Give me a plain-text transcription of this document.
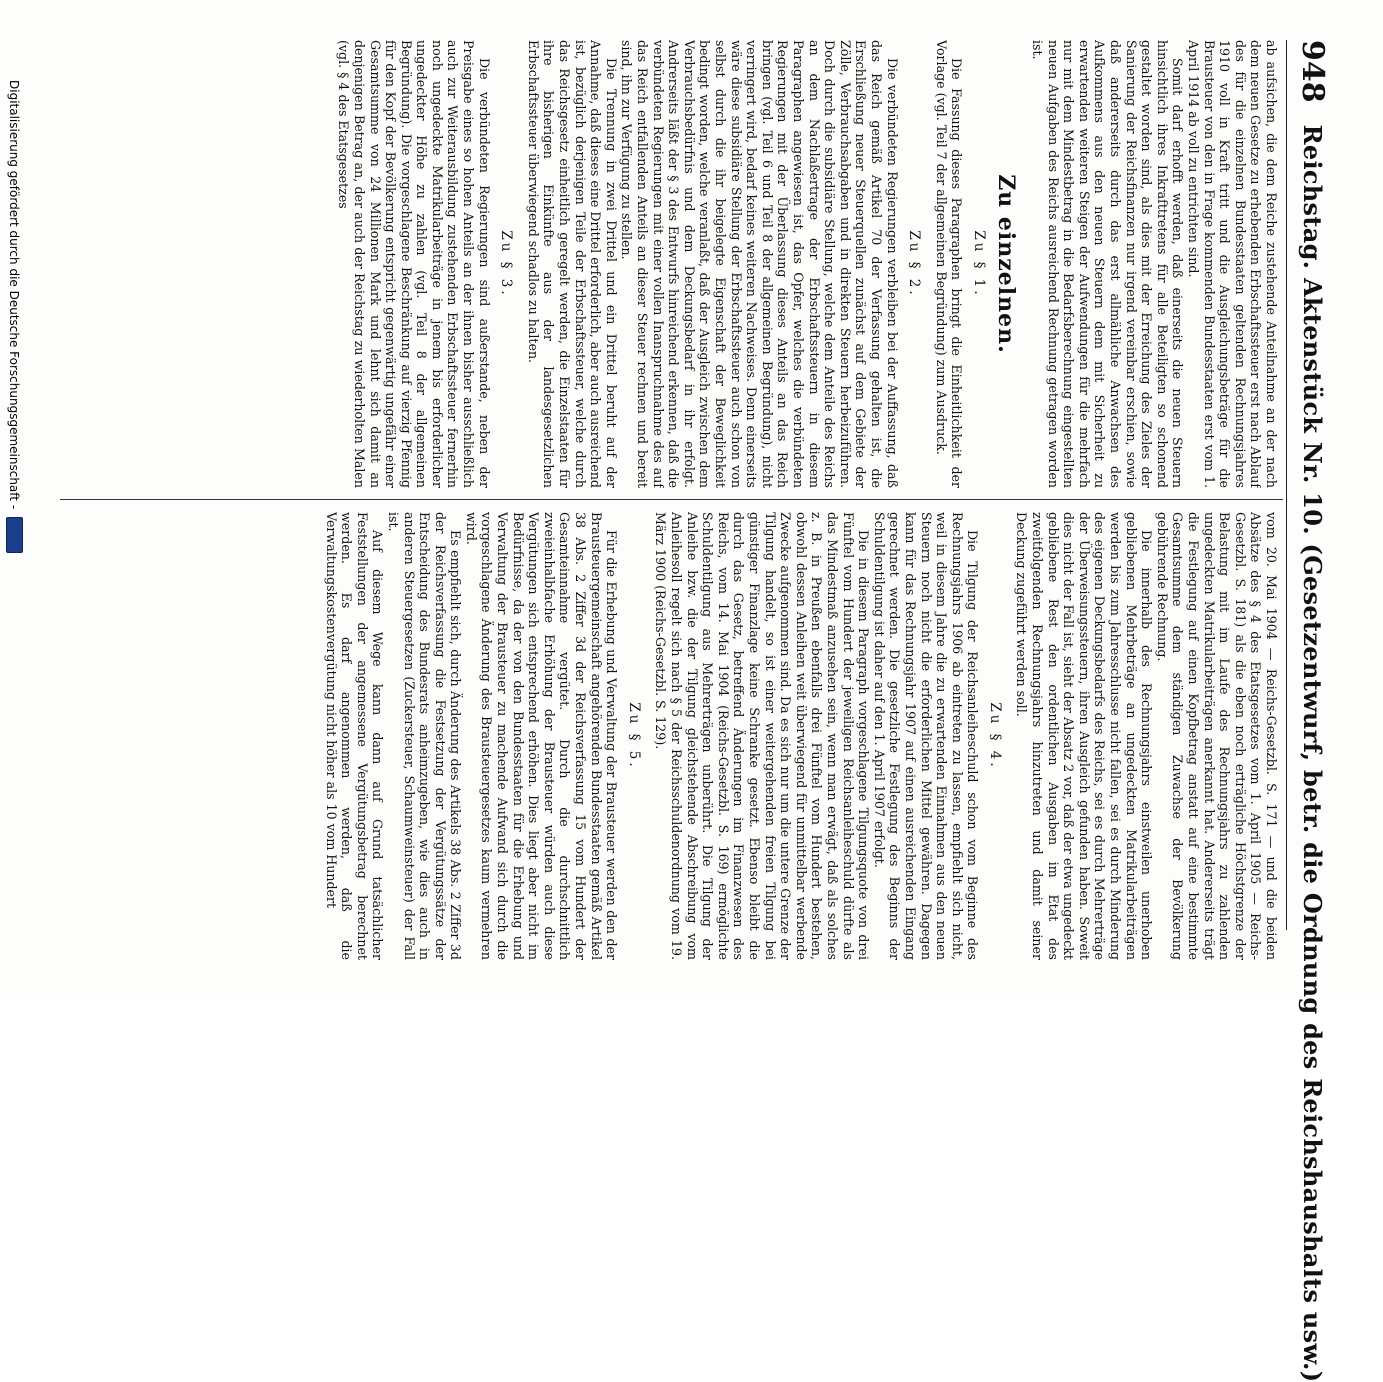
948
Reichstag. Aktenstück Nr. 10. (Gesetzentwurf, betr. die Ordnung des Reichshaushalts usw.)

ab aufsichen, die dem Reiche zustehende Anteilnahme an der nach dem neuen Gesetze zu erhebenden Erbschaftssteuer erst nach Ablauf des für die einzelnen Bundesstaaten geltenden Rechnungsjahres 1910 voll in Kraft tritt und die Ausgleichungsbeträge für die Brausteuer von den in Frage kommenden Bundesstaaten erst vom 1. April 1914 ab voll zu entrichten sind.

Somit darf erhofft werden, daß einerseits die neuen Steuern hinsichtlich ihres Inkrafttretens für alle Beteiligten so schonend gestaltet worden sind, als dies mit der Erreichung des Zieles der Sanierung der Reichsfinanzen nur irgend vereinbar erschien, sowie daß andererseits durch das erst allmähliche Anwachsen des Aufkommens aus den neuen Steuern dem mit Sicherheit zu erwartenden weiteren Steigen der Aufwendungen für die mehrfach nur mit dem Mindestbetrag in die Bedarfsberechnung eingestellten neuen Aufgaben des Reichs ausreichend Rechnung getragen worden ist.

Zu einzelnen.
Zu § 1.

Die Fassung dieses Paragraphen bringt die Einheitlichkeit der Vorlage (vgl. Teil 7 der allgemeinen Begründung) zum Ausdruck.

Zu § 2.

Die verbündeten Regierungen verbleiben bei der Auffassung, daß das Reich gemäß Artikel 70 der Verfassung gehalten ist, die Erschließung neuer Steuerquellen zunächst auf dem Gebiete der Zölle, Verbrauchsabgaben und in direkten Steuern herbeizuführen. Doch durch die subsidiäre Stellung, welche dem Anteile des Reichs an dem Nachlaßertrage der Erbschaftssteuern in diesem Paragraphen angewiesen ist, das Opfer, welches die verbündeten Regierungen mit der Überlassung dieses Anteils an das Reich bringen (vgl. Teil 6 und Teil 8 der allgemeinen Begründung), nicht verringert wird, bedarf keines weiteren Nachweises. Denn einerseits wäre diese subsidiäre Stellung der Erbschaftssteuer auch schon von selbst durch die ihr beigelegte Eigenschaft der Beweglichkeit bedingt worden, welche veranlaßt, daß der Ausgleich zwischen dem Verbrauchsbedürfnis und dem Deckungsbedarf in ihr erfolgt. Andrerseits läßt der § 3 des Entwurfs hinreichend erkennen, daß die verbündeten Regierungen mit einer vollen Inanspruchnahme des auf das Reich entfallenden Anteils an dieser Steuer rechnen und bereit sind, ihn zur Verfügung zu stellen.

Die Trennung in zwei Drittel und ein Drittel beruht auf der Annahme, daß dieses eine Drittel erforderlich, aber auch ausreichend ist, bezüglich derjenigen Teile der Erbschaftssteuer, welche durch das Reichsgesetz einheitlich geregelt werden, die Einzelstaaten für ihre bisherigen Einkünfte aus der landesgesetzlichen Erbschaftssteuer überwiegend schadlos zu halten.

Zu § 3.

Die verbündeten Regierungen sind außerstande, neben der Preisgabe eines so hohen Anteils an der ihnen bisher ausschließlich auch zur Weiterausbildung zustehenden Erbschaftssteuer fernerhin noch ungedeckte Matrikularbeiträge in jenem bis erforderlicher ungedeckter Höhe zu zahlen (vgl. Teil 8 der allgemeinen Begründung). Die vorgeschlagene Beschränkung auf vierzig Pfennig für den Kopf der Bevölkerung entspricht gegenwärtig ungefähr einer Gesamtsumme von 24 Millionen Mark und lehnt sich damit an denjenigen Betrag an, der auch der Reichstag zu wiederholten Malen (vgl. § 4 des Etatsgesetzes

vom 20. Mai 1904 — Reichs-Gesetzbl. S. 171 — und die beiden Absätze des § 4 des Etatsgesetzes vom 1. April 1905 — Reichs-Gesetzbl. S. 181) als die eben noch erträgliche Höchstgrenze der Belastung mit im Laufe des Rechnungsjahrs zu zahlenden ungedeckten Matrikularbeiträgen anerkannt hat. Andererseits trägt die Festlegung auf einen Kopfbetrag anstatt auf eine bestimmte Gesamtsumme dem ständigen Zuwachse der Bevölkerung gebührende Rechnung.

Die innerhalb des Rechnungsjahrs einstweilen unerhoben gebliebenen Mehrbeträge an ungedeckten Matrikularbeiträgen werden bis zum Jahresschlusse nicht fallen, sei es durch Minderung des eigenen Deckungsbedarfs des Reichs, sei es durch Mehrerträge der Überweisungssteuern, ihren Ausgleich gefunden haben. Soweit dies nicht der Fall ist, sieht der Absatz 2 vor, daß der etwa ungedeckt gebliebene Rest den ordentlichen Ausgaben im Etat des zweitfolgenden Rechnungsjahrs hinzutreten und damit seiner Deckung zugeführt werden soll.

Zu § 4.

Die Tilgung der Reichsanleiheschuld schon vom Beginne des Rechnungsjahrs 1906 ab eintreten zu lassen, empfiehlt sich nicht, weil in diesem Jahre die zu erwartenden Einnahmen aus den neuen Steuern noch nicht die erforderlichen Mittel gewähren. Dagegen kann für das Rechnungsjahr 1907 auf einen ausreichenden Eingang gerechnet werden. Die gesetzliche Festlegung des Beginns der Schuldentilgung ist daher auf den 1. April 1907 erfolgt.

Die in diesem Paragraph vorgeschlagene Tilgungsquote von drei Fünftel vom Hundert der jeweiligen Reichsanleiheschuld dürfte als das Mindestmaß anzusehen sein, wenn man erwägt, daß als solches z. B. in Preußen ebenfalls drei Fünftel vom Hundert bestehen, obwohl dessen Anleihen weit überwiegend für unmittelbar werbende Zwecke aufgenommen sind. Da es sich nur um die untere Grenze der Tilgung handelt, so ist einer weitergehenden freien Tilgung bei günstiger Finanzlage keine Schranke gesetzt. Ebenso bleibt die durch das Gesetz, betreffend Änderungen im Finanzwesen des Reichs, vom 14. Mai 1904 (Reichs-Gesetzbl. S. 169) ermöglichte Schuldentilgung aus Mehrerträgen unberührt. Die Tilgung der Anleihe bzw. die der Tilgung gleichstehende Abschreibung vom Anleihesoll regelt sich nach § 5 der Reichsschuldenordnung vom 19. März 1900 (Reichs-Gesetzbl. S. 129).

Zu § 5.

Für die Erhebung und Verwaltung der Brausteuer werden den der Brausteuergemeinschaft angehörenden Bundesstaaten gemäß Artikel 38 Abs. 2 Ziffer 3d der Reichsverfassung 15 vom Hundert der Gesamteinnahme vergütet. Durch die durchschnittlich zweieinhalbfache Erhöhung der Brausteuer würden auch diese Vergütungen sich entsprechend erhöhen. Dies liegt aber nicht im Bedürfnisse, da der von den Bundesstaaten für die Erhebung und Verwaltung der Brausteuer zu machende Aufwand sich durch die vorgeschlagene Änderung des Brausteuergesetzes kaum vermehren wird.

Es empfiehlt sich, durch Änderung des Artikels 38 Abs. 2 Ziffer 3d der Reichsverfassung die Festsetzung der Vergütungssätze der Entscheidung des Bundesrats anheimzugeben, wie dies auch in anderen Steuergesetzen (Zuckersteuer, Schaumweinsteuer) der Fall ist.

Auf diesem Wege kann dann auf Grund tatsächlicher Feststellungen der angemessene Vergütungsbetrag berechnet werden. Es darf angenommen werden, daß die Verwaltungskostenvergütung nicht höher als 10 vom Hundert

Digitalisierung gefördert durch die Deutsche Forschungsgemeinschaft -
